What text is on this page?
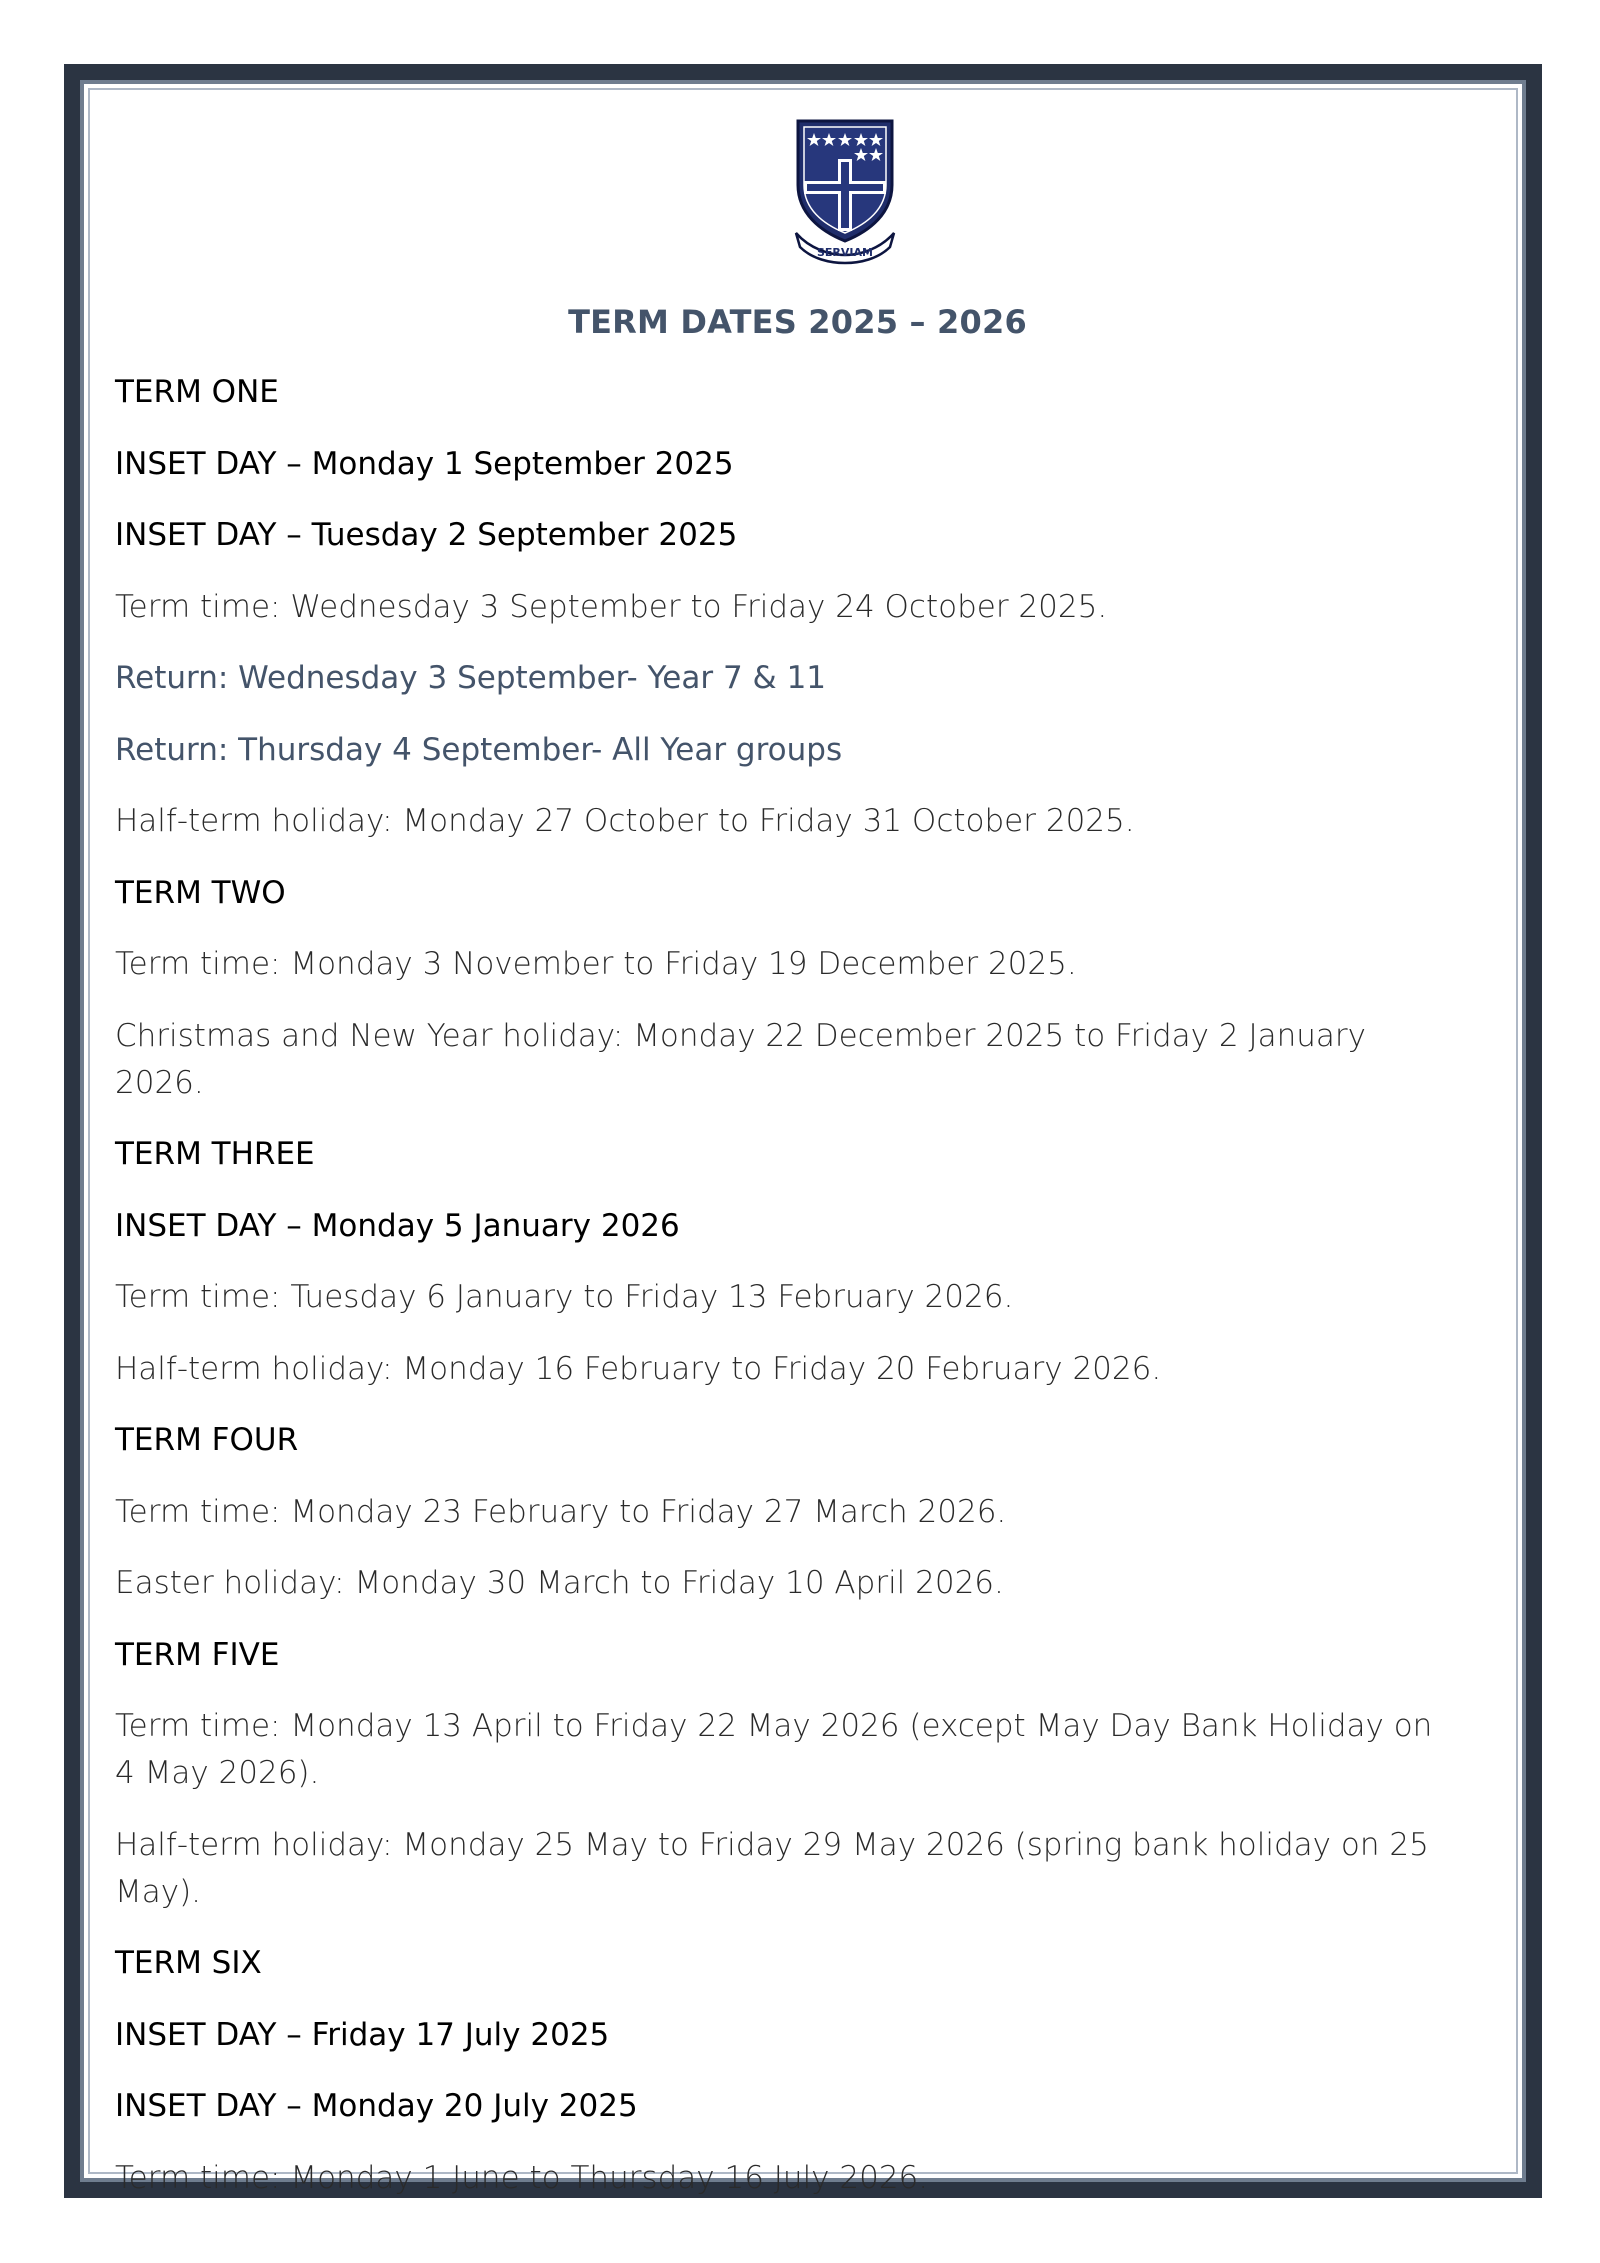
SERVIAM
TERM DATES 2025 – 2026

TERM ONE

INSET DAY – Monday 1 September 2025

INSET DAY – Tuesday 2 September 2025

Term time: Wednesday 3 September to Friday 24 October 2025.

Return: Wednesday 3 September- Year 7 & 11

Return: Thursday 4 September- All Year groups

Half-term holiday: Monday 27 October to Friday 31 October 2025.

TERM TWO

Term time: Monday 3 November to Friday 19 December 2025.

Christmas and New Year holiday: Monday 22 December 2025 to Friday 2 January 2026.

TERM THREE

INSET DAY – Monday 5 January 2026

Term time: Tuesday 6 January to Friday 13 February 2026.

Half-term holiday: Monday 16 February to Friday 20 February 2026.

TERM FOUR

Term time: Monday 23 February to Friday 27 March 2026.

Easter holiday: Monday 30 March to Friday 10 April 2026.

TERM FIVE

Term time: Monday 13 April to Friday 22 May 2026 (except May Day Bank Holiday on 4 May 2026).

Half-term holiday: Monday 25 May to Friday 29 May 2026 (spring bank holiday on 25 May).

TERM SIX

INSET DAY – Friday 17 July 2025

INSET DAY – Monday 20 July 2025

Term time: Monday 1 June to Thursday 16 July 2026.
